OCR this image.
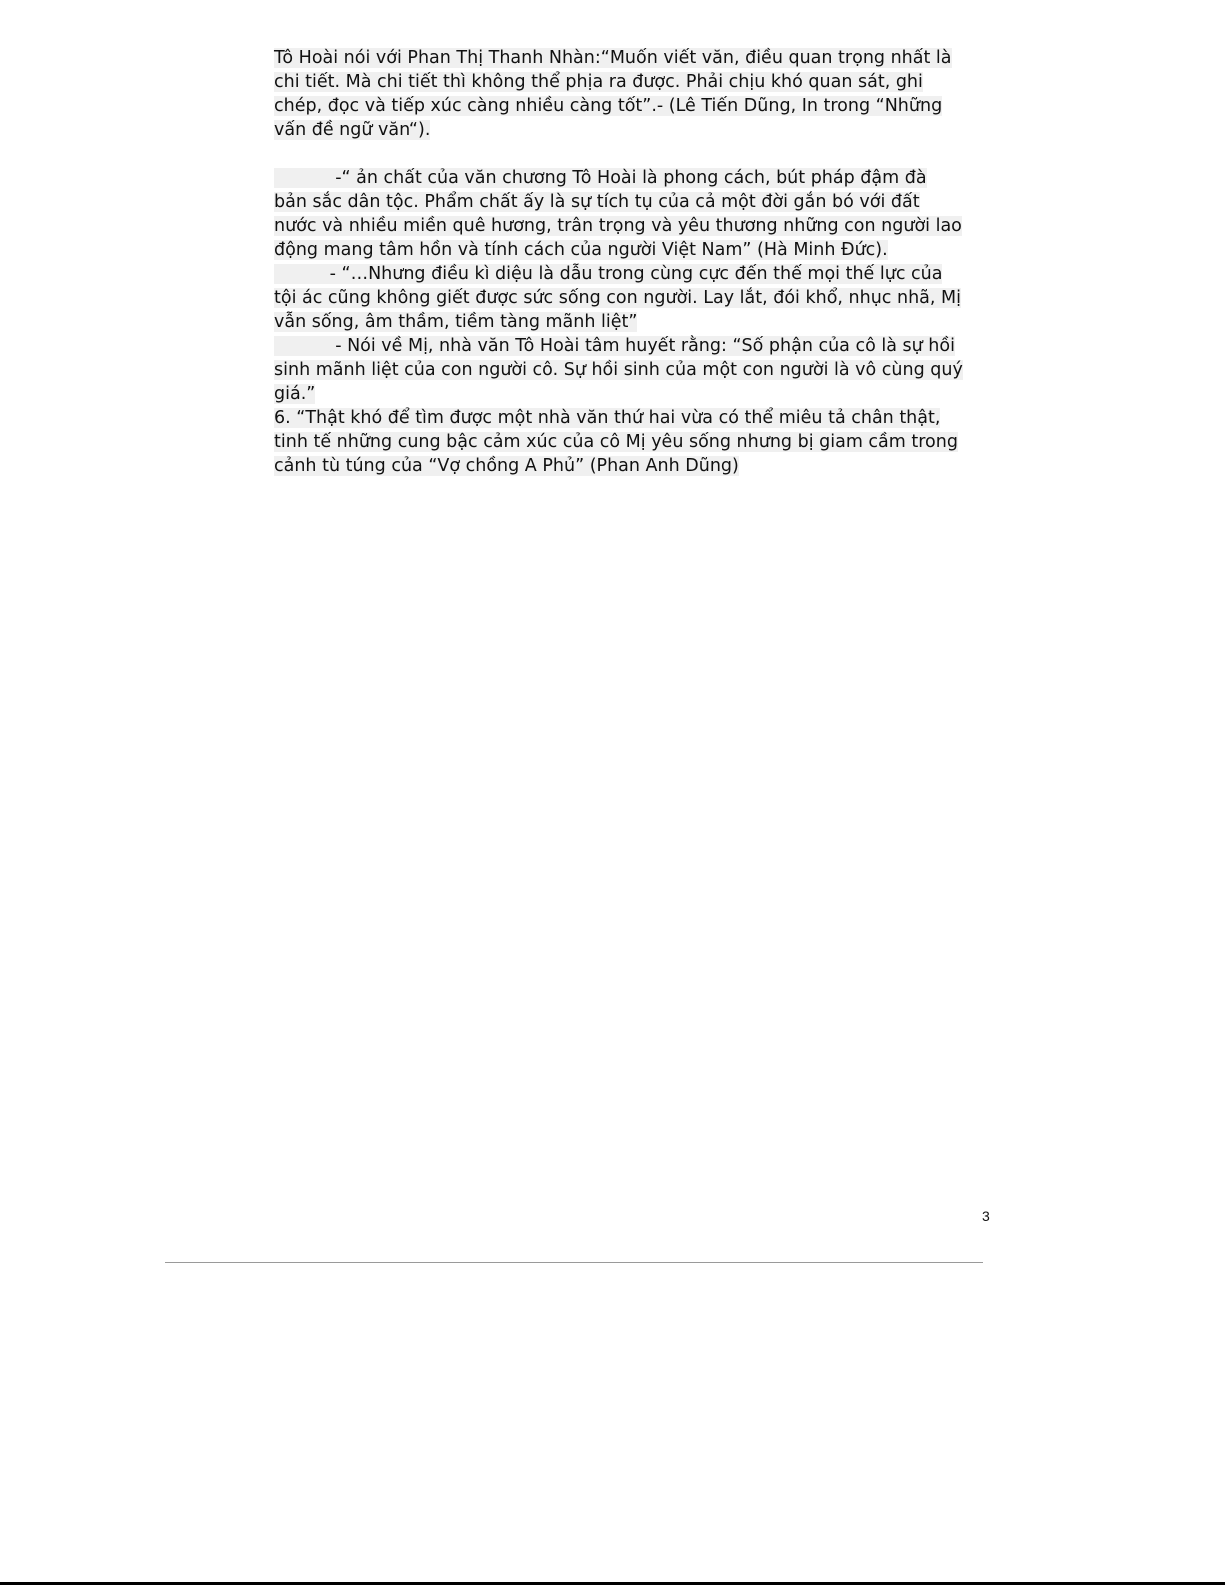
Tô Hoài nói với Phan Thị Thanh Nhàn:“Muốn viết văn, điều quan trọng nhất là
chi tiết. Mà chi tiết thì không thể phịa ra được. Phải chịu khó quan sát, ghi
chép, đọc và tiếp xúc càng nhiều càng tốt”.- (Lê Tiến Dũng, In trong “Những
vấn đề ngữ văn“).

-“ ản chất của văn chương Tô Hoài là phong cách, bút pháp đậm đà
bản sắc dân tộc. Phẩm chất ấy là sự tích tụ của cả một đời gắn bó với đất
nước và nhiều miền quê hương, trân trọng và yêu thương những con người lao
động mang tâm hồn và tính cách của người Việt Nam” (Hà Minh Đức).

- “…Nhưng điều kì diệu là dẫu trong cùng cực đến thế mọi thế lực của
tội ác cũng không giết được sức sống con người. Lay lắt, đói khổ, nhục nhã, Mị
vẫn sống, âm thầm, tiềm tàng mãnh liệt”

- Nói về Mị, nhà văn Tô Hoài tâm huyết rằng: “Số phận của cô là sự hồi
sinh mãnh liệt của con người cô. Sự hồi sinh của một con người là vô cùng quý
giá.”

6. “Thật khó để tìm được một nhà văn thứ hai vừa có thể miêu tả chân thật,
tinh tế những cung bậc cảm xúc của cô Mị yêu sống nhưng bị giam cầm trong
cảnh tù túng của “Vợ chồng A Phủ” (Phan Anh Dũng)

3
